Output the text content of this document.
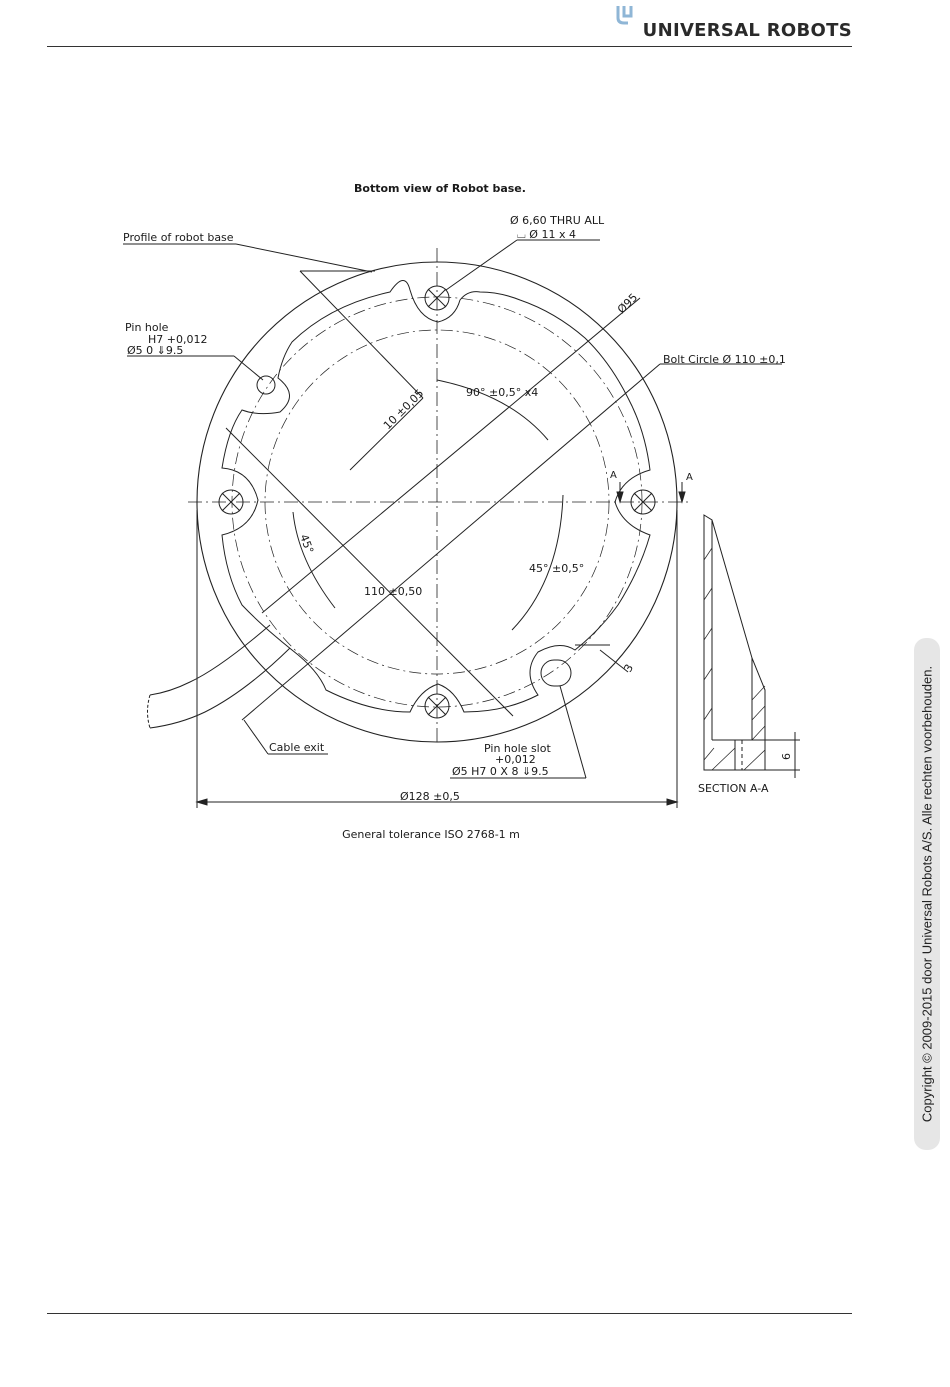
UNIVERSAL ROBOTS
Bottom view of Robot base.
Profile of robot base
Ø 6,60 THRU ALL
⌴ Ø 11 x 4
Ø95
Pin hole
H7 +0,012
Ø5 0 ⇓9.5
Bolt Circle Ø 110 ±0,1
90° ±0,5° x4
10 ±0,05
45°
45° ±0,5°
110 ±0,50
3
Cable exit	Pin hole slot
+0,012
Ø5 H7 0 X 8 ⇓9.5
Ø128 ±0,5
A	A
SECTION A-A
6
General tolerance ISO 2768-1 m	Copyright © 2009-2015 door Universal Robots A/S. Alle rechten voorbehouden.
